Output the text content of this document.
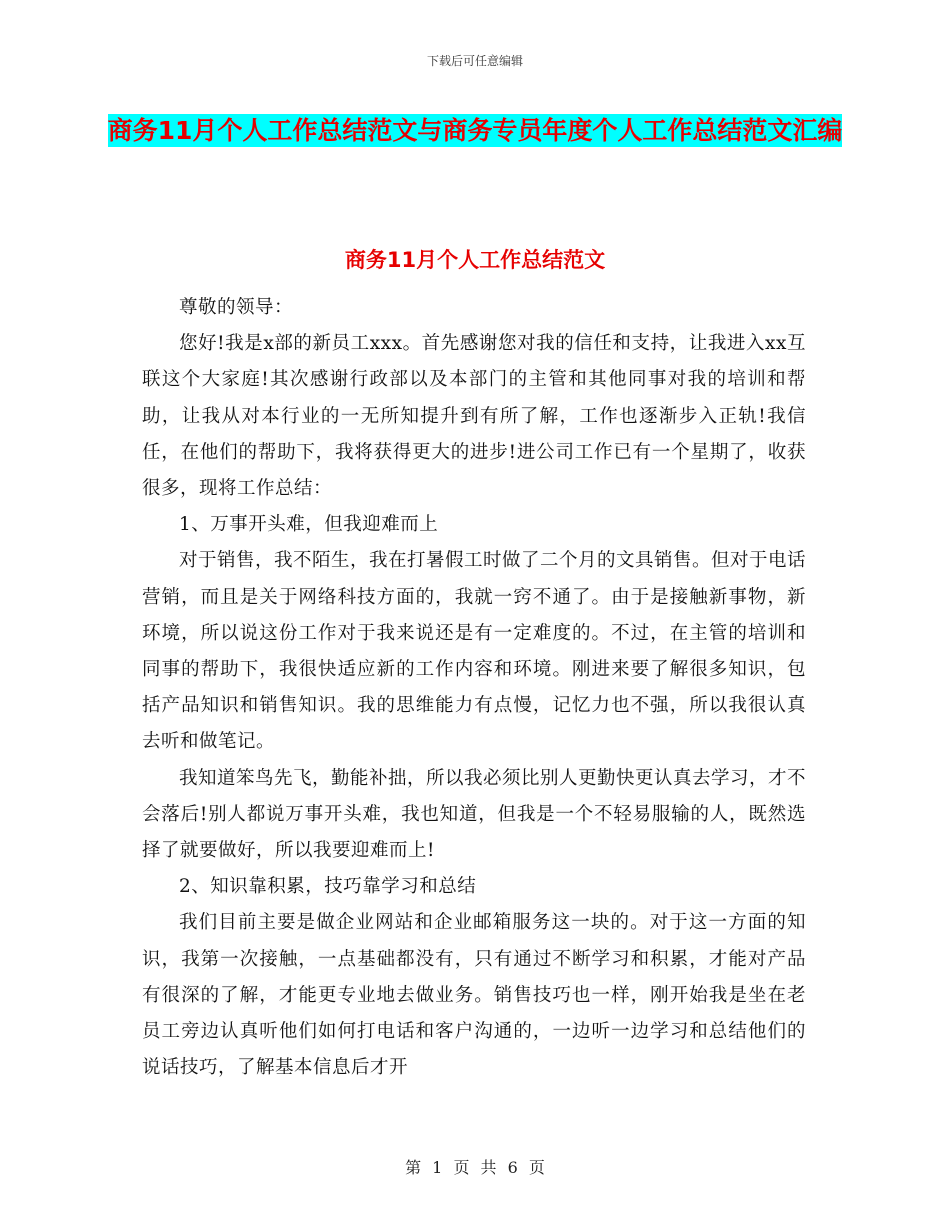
下载后可任意编辑
商务11月个人工作总结范文与商务专员年度个人工作总结范文汇编
商务11月个人工作总结范文

尊敬的领导：

您好!我是x部的新员工xxx。首先感谢您对我的信任和支持，让我进入xx互联这个大家庭!其次感谢行政部以及本部门的主管和其他同事对我的培训和帮助，让我从对本行业的一无所知提升到有所了解，工作也逐渐步入正轨!我信任，在他们的帮助下，我将获得更大的进步!进公司工作已有一个星期了，收获很多，现将工作总结：

1、万事开头难，但我迎难而上

对于销售，我不陌生，我在打暑假工时做了二个月的文具销售。但对于电话营销，而且是关于网络科技方面的，我就一窍不通了。由于是接触新事物，新环境，所以说这份工作对于我来说还是有一定难度的。不过，在主管的培训和同事的帮助下，我很快适应新的工作内容和环境。刚进来要了解很多知识，包括产品知识和销售知识。我的思维能力有点慢，记忆力也不强，所以我很认真去听和做笔记。

我知道笨鸟先飞，勤能补拙，所以我必须比别人更勤快更认真去学习，才不会落后!别人都说万事开头难，我也知道，但我是一个不轻易服输的人，既然选择了就要做好，所以我要迎难而上!

2、知识靠积累，技巧靠学习和总结

我们目前主要是做企业网站和企业邮箱服务这一块的。对于这一方面的知识，我第一次接触，一点基础都没有，只有通过不断学习和积累，才能对产品有很深的了解，才能更专业地去做业务。销售技巧也一样，刚开始我是坐在老员工旁边认真听他们如何打电话和客户沟通的，一边听一边学习和总结他们的说话技巧，了解基本信息后才开

第 1 页 共 6 页
